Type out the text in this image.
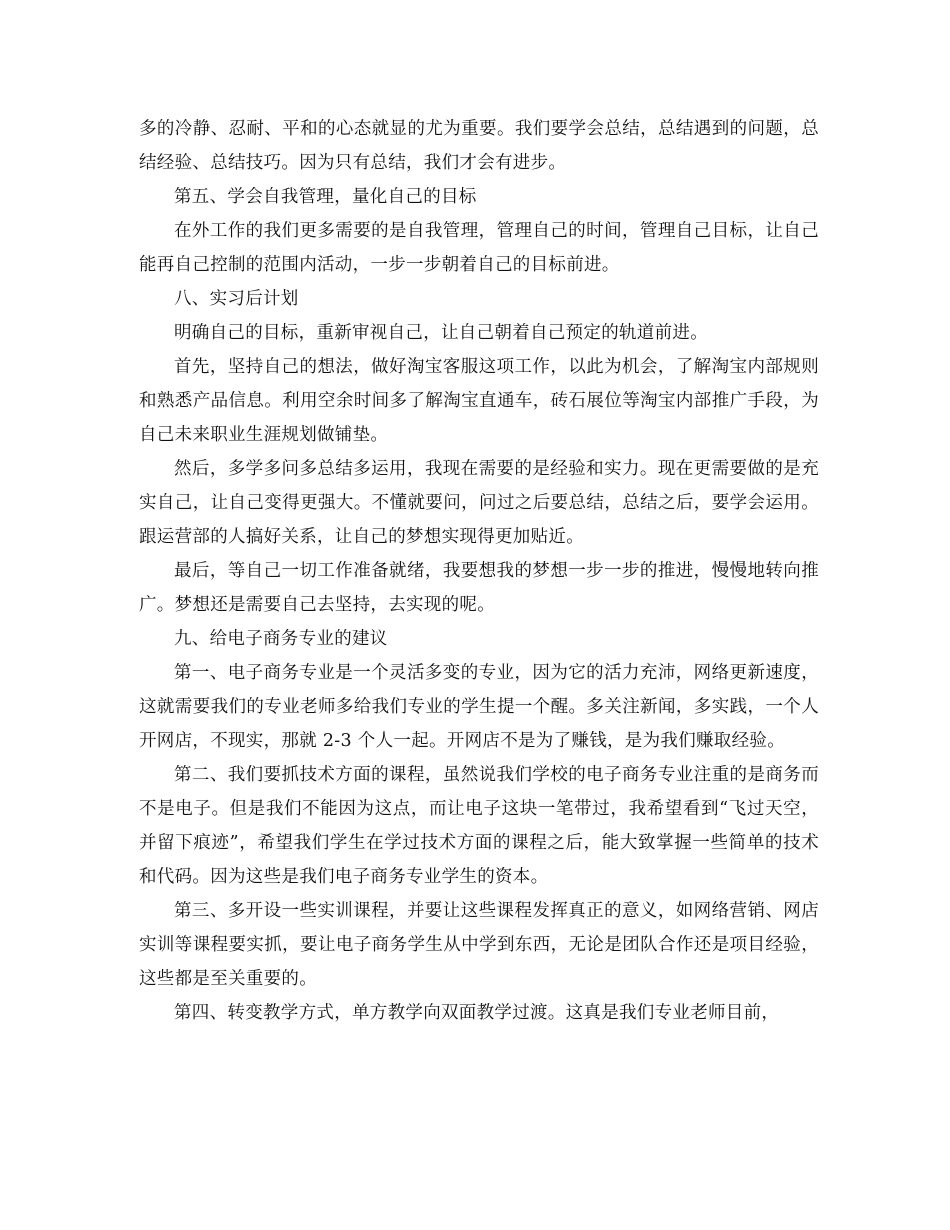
多的冷静、忍耐、平和的心态就显的尤为重要。我们要学会总结，总结遇到的问题，总结经验、总结技巧。因为只有总结，我们才会有进步。

第五、学会自我管理，量化自己的目标

在外工作的我们更多需要的是自我管理，管理自己的时间，管理自己目标，让自己能再自己控制的范围内活动，一步一步朝着自己的目标前进。

八、实习后计划

明确自己的目标，重新审视自己，让自己朝着自己预定的轨道前进。

首先，坚持自己的想法，做好淘宝客服这项工作，以此为机会，了解淘宝内部规则和熟悉产品信息。利用空余时间多了解淘宝直通车，砖石展位等淘宝内部推广手段，为自己未来职业生涯规划做铺垫。

然后，多学多问多总结多运用，我现在需要的是经验和实力。现在更需要做的是充实自己，让自己变得更强大。不懂就要问，问过之后要总结，总结之后，要学会运用。跟运营部的人搞好关系，让自己的梦想实现得更加贴近。

最后，等自己一切工作准备就绪，我要想我的梦想一步一步的推进，慢慢地转向推广。梦想还是需要自己去坚持，去实现的呢。

九、给电子商务专业的建议

第一、电子商务专业是一个灵活多变的专业，因为它的活力充沛，网络更新速度，这就需要我们的专业老师多给我们专业的学生提一个醒。多关注新闻，多实践，一个人开网店，不现实，那就 2-3 个人一起。开网店不是为了赚钱，是为我们赚取经验。

第二、我们要抓技术方面的课程，虽然说我们学校的电子商务专业注重的是商务而不是电子。但是我们不能因为这点，而让电子这块一笔带过，我希望看到“飞过天空，并留下痕迹”，希望我们学生在学过技术方面的课程之后，能大致掌握一些简单的技术和代码。因为这些是我们电子商务专业学生的资本。

第三、多开设一些实训课程，并要让这些课程发挥真正的意义，如网络营销、网店实训等课程要实抓，要让电子商务学生从中学到东西，无论是团队合作还是项目经验，这些都是至关重要的。

第四、转变教学方式，单方教学向双面教学过渡。这真是我们专业老师目前，
